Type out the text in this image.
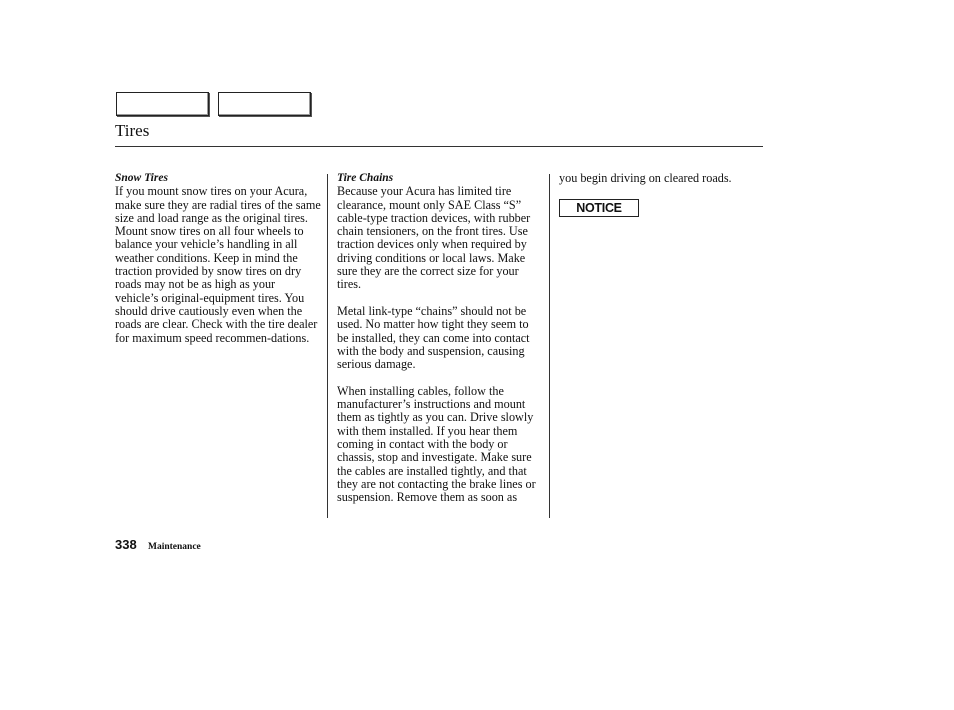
Tires
Snow Tires

If you mount snow tires on your Acura, make sure they are radial tires of the same size and load range as the original tires. Mount snow tires on all four wheels to balance your vehicle’s handling in all weather conditions. Keep in mind the traction provided by snow tires on dry roads may not be as high as your vehicle’s original-equipment tires. You should drive cautiously even when the roads are clear. Check with the tire dealer for maximum speed recommen-dations.

Tire Chains

Because your Acura has limited tire clearance, mount only SAE Class “S” cable-type traction devices, with rubber chain tensioners, on the front tires. Use traction devices only when required by driving conditions or local laws. Make sure they are the correct size for your tires.

Metal link-type “chains” should not be used. No matter how tight they seem to be installed, they can come into contact with the body and suspension, causing serious damage.

When installing cables, follow the manufacturer’s instructions and mount them as tightly as you can. Drive slowly with them installed. If you hear them coming in contact with the body or chassis, stop and investigate. Make sure the cables are installed tightly, and that they are not contacting the brake lines or suspension. Remove them as soon as

you begin driving on cleared roads.

NOTICE
338 Maintenance
